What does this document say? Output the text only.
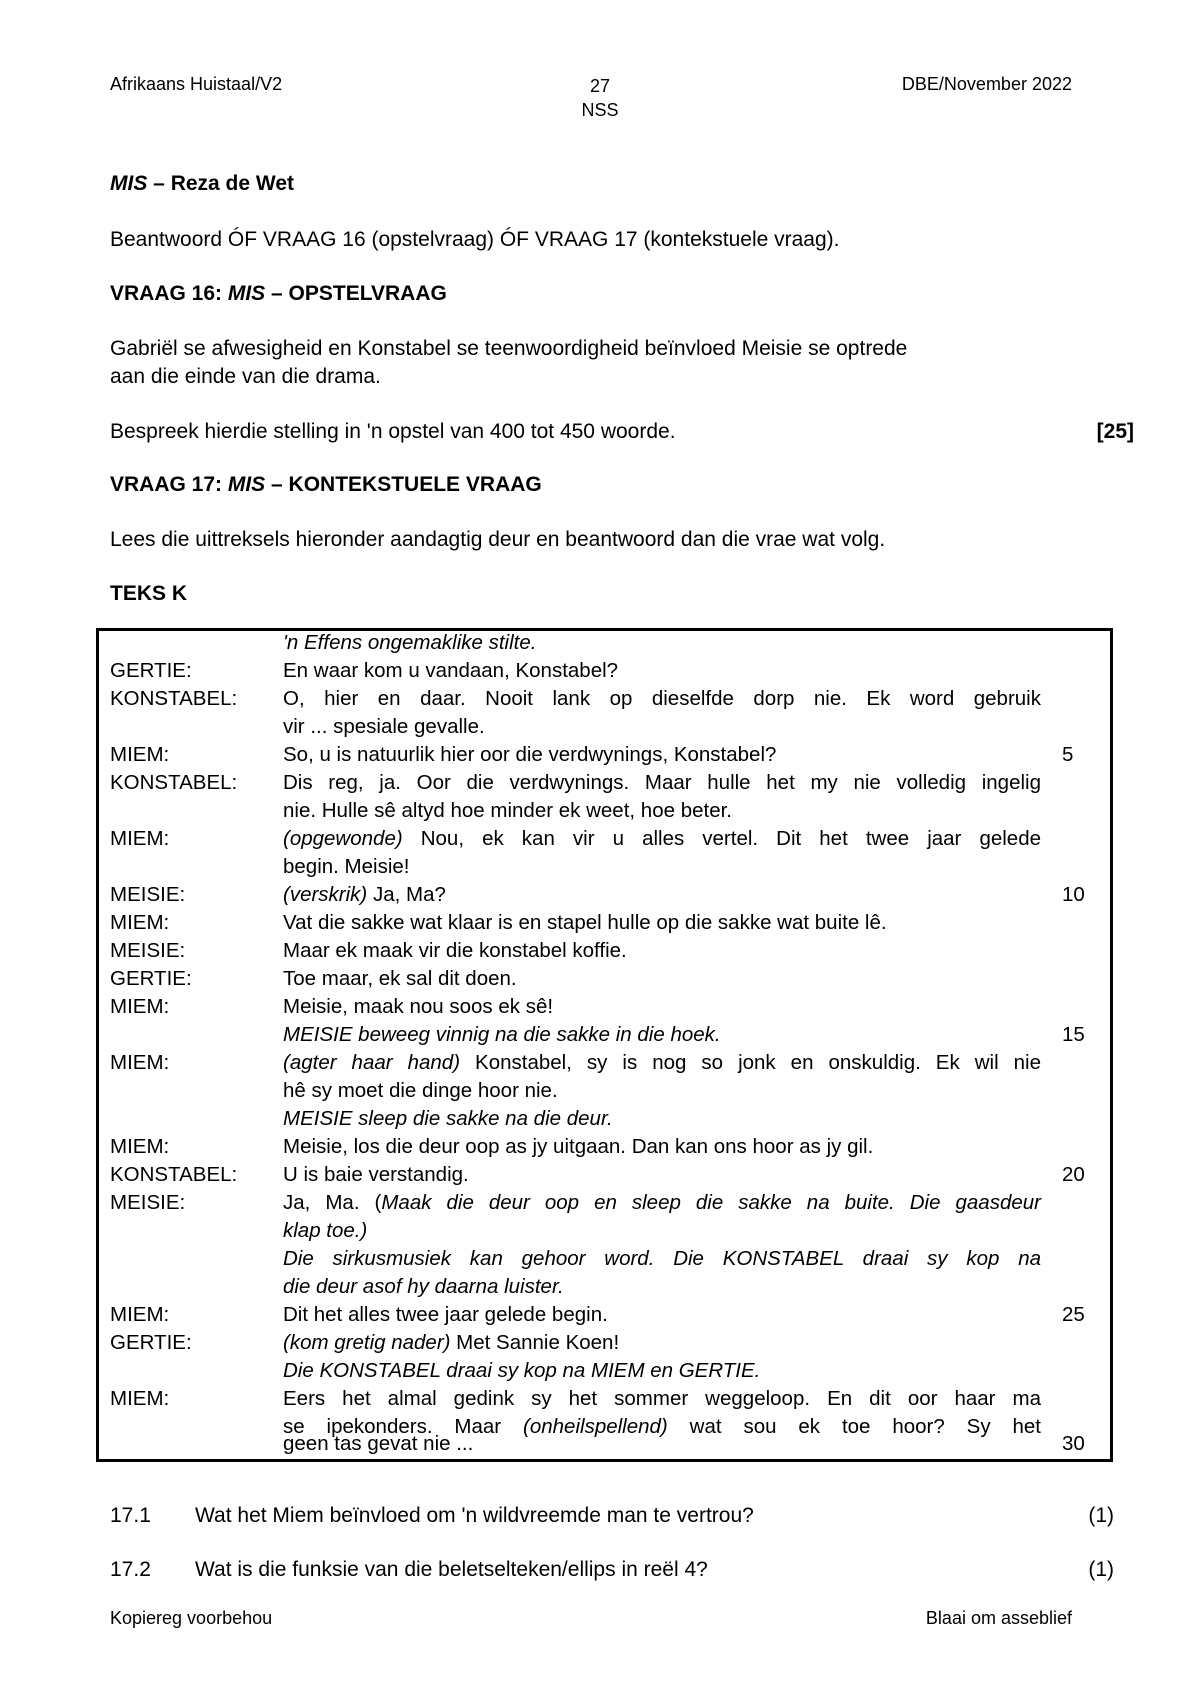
Afrikaans Huistaal/V2	27
NSS
DBE/November 2022
MIS – Reza de Wet
Beantwoord ÓF VRAAG 16 (opstelvraag) ÓF VRAAG 17 (kontekstuele vraag).
VRAAG 16: MIS – OPSTELVRAAG
Gabriël se afwesigheid en Konstabel se teenwoordigheid beïnvloed Meisie se optrede
aan die einde van die drama.
Bespreek hierdie stelling in 'n opstel van 400 tot 450 woorde.	[25]
VRAAG 17: MIS – KONTEKSTUELE VRAAG
Lees die uittreksels hieronder aandagtig deur en beantwoord dan die vrae wat volg.
TEKS K
'n Effens ongemaklike stilte.
GERTIE:	En waar kom u vandaan, Konstabel?
KONSTABEL: O, hier en daar. Nooit lank op dieselfde dorp nie. Ek word gebruik
vir ... spesiale gevalle.
MIEM:	So, u is natuurlik hier oor die verdwynings, Konstabel?	5
KONSTABEL: Dis reg, ja. Oor die verdwynings. Maar hulle het my nie volledig ingelig
nie. Hulle sê altyd hoe minder ek weet, hoe beter.
MIEM:	(opgewonde) Nou, ek kan vir u alles vertel. Dit het twee jaar gelede
begin. Meisie!
MEISIE:	(verskrik) Ja, Ma?	10
MIEM:	Vat die sakke wat klaar is en stapel hulle op die sakke wat buite lê.
MEISIE:	Maar ek maak vir die konstabel koffie.
GERTIE:	Toe maar, ek sal dit doen.
MIEM:	Meisie, maak nou soos ek sê!
MEISIE beweeg vinnig na die sakke in die hoek.	15
MIEM:	(agter haar hand) Konstabel, sy is nog so jonk en onskuldig. Ek wil nie
hê sy moet die dinge hoor nie.
MEISIE sleep die sakke na die deur.
MIEM:	Meisie, los die deur oop as jy uitgaan. Dan kan ons hoor as jy gil.
KONSTABEL: U is baie verstandig.	20
MEISIE:	Ja, Ma. (Maak die deur oop en sleep die sakke na buite. Die gaasdeur
klap toe.)
Die sirkusmusiek kan gehoor word. Die KONSTABEL draai sy kop na
die deur asof hy daarna luister.
MIEM:	Dit het alles twee jaar gelede begin.	25
GERTIE:	(kom gretig nader) Met Sannie Koen!
Die KONSTABEL draai sy kop na MIEM en GERTIE.
MIEM:	Eers het almal gedink sy het sommer weggeloop. En dit oor haar ma
se ipekonders. Maar (onheilspellend) wat sou ek toe hoor? Sy het
geen tas gevat nie ...	30
17.1 Wat het Miem beïnvloed om 'n wildvreemde man te vertrou?	(1)
17.2 Wat is die funksie van die beletselteken/ellips in reël 4?	(1)
Kopiereg voorbehou	Blaai om asseblief
